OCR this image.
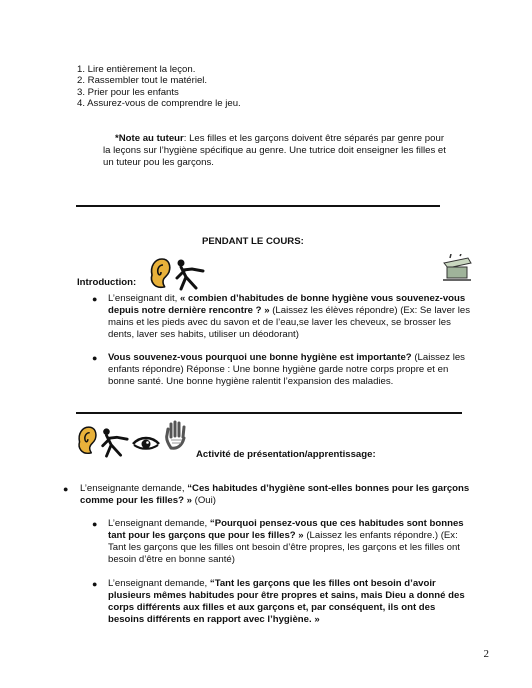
1. Lire entièrement la leçon.
2. Rassembler tout le matériel.
3. Prier pour les enfants
4. Assurez-vous de comprendre le jeu.
*Note au tuteur: Les filles et les garçons doivent être séparés par genre pour la leçons sur l’hygiène spécifique au genre. Une tutrice doit enseigner les filles et un tuteur pou les garçons.
PENDANT LE COURS:
Introduction:
● L’enseignant dit, « combien d’habitudes de bonne hygiène vous souvenez-vous depuis notre dernière rencontre ? » (Laissez les élèves répondre) (Ex: Se laver les mains et les pieds avec du savon et de l’eau,se laver les cheveux, se brosser les dents, laver ses habits, utiliser un déodorant)
● Vous souvenez-vous pourquoi une bonne hygiène est importante? (Laissez les enfants répondre) Réponse : Une bonne hygiène garde notre corps propre et en bonne santé. Une bonne hygiène ralentit l’expansion des maladies.
Activité de présentation/apprentissage:
● L’enseignante demande, “Ces habitudes d’hygiène sont-elles bonnes pour les garçons comme pour les filles? » (Oui)
● L’enseignant demande, “Pourquoi pensez-vous que ces habitudes sont bonnes tant pour les garçons que pour les filles? » (Laissez les enfants répondre.) (Ex: Tant les garçons que les filles ont besoin d’être propres, les garçons et les filles ont besoin d’être en bonne santé)
● L’enseignant demande, “Tant les garçons que les filles ont besoin d’avoir plusieurs mêmes habitudes pour être propres et sains, mais Dieu a donné des corps différents aux filles et aux garçons et, par conséquent, ils ont des besoins différents en rapport avec l’hygiène. »
2
